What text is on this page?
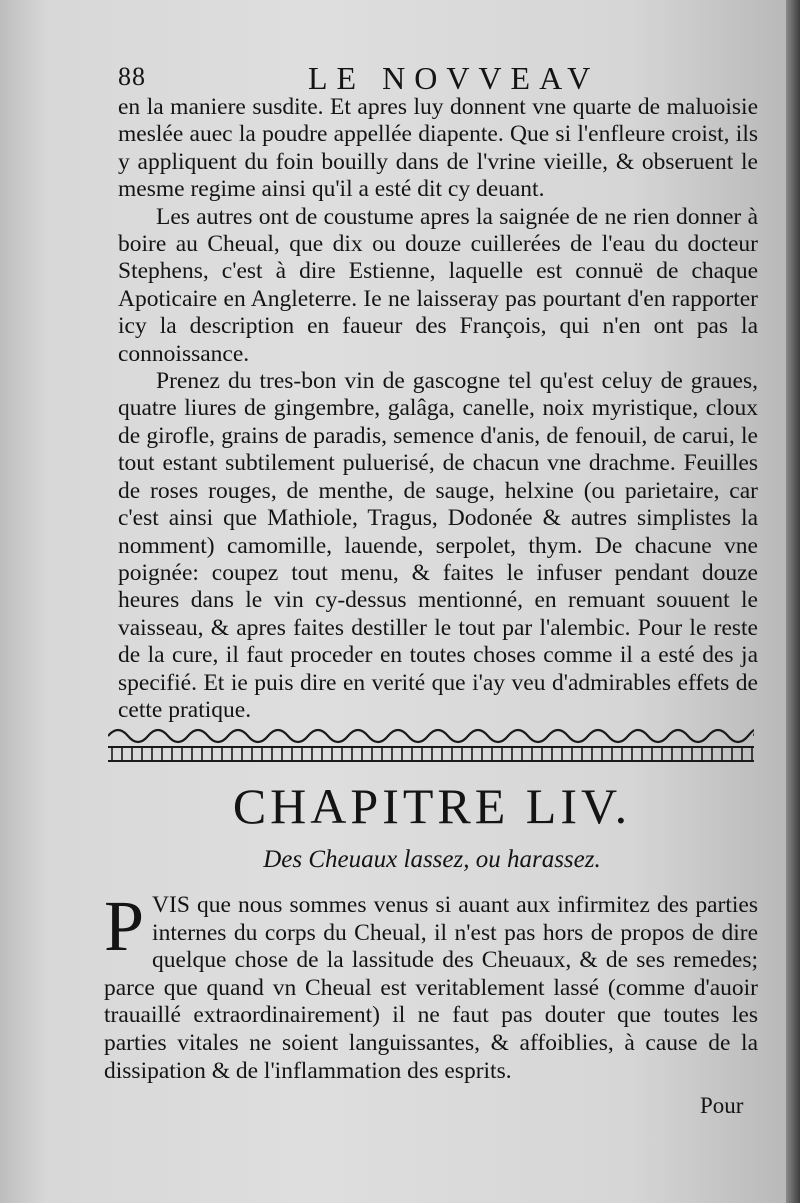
88	LE NOVVEAV

en la maniere susdite. Et apres luy donnent vne quarte de maluoisie meslée auec la poudre appellée diapente. Que si l'enfleure croist, ils y appliquent du foin bouilly dans de l'vrine vieille, & obseruent le mesme regime ainsi qu'il a esté dit cy deuant.

Les autres ont de coustume apres la saignée de ne rien donner à boire au Cheual, que dix ou douze cuillerées de l'eau du docteur Stephens, c'est à dire Estienne, laquelle est connuë de chaque Apoticaire en Angleterre. Ie ne laisseray pas pourtant d'en rapporter icy la description en faueur des François, qui n'en ont pas la connoissance.

Prenez du tres-bon vin de gascogne tel qu'est celuy de graues, quatre liures de gingembre, galâga, canelle, noix myristique, cloux de girofle, grains de paradis, semence d'anis, de fenouil, de carui, le tout estant subtilement puluerisé, de chacun vne drachme. Feuilles de roses rouges, de menthe, de sauge, helxine (ou parietaire, car c'est ainsi que Mathiole, Tragus, Dodonée & autres simplistes la nomment) camomille, lauende, serpolet, thym. De chacune vne poignée: coupez tout menu, & faites le infuser pendant douze heures dans le vin cy-dessus mentionné, en remuant souuent le vaisseau, & apres faites destiller le tout par l'alembic. Pour le reste de la cure, il faut proceder en toutes choses comme il a esté des ja specifié. Et ie puis dire en verité que i'ay veu d'admirables effets de cette pratique.

CHAPITRE LIV.
Des Cheuaux lassez, ou harassez.
P VIS que nous sommes venus si auant aux infirmitez des parties internes du corps du Cheual, il n'est pas hors de propos de dire quelque chose de la lassitude des Cheuaux, & de ses remedes; parce que quand vn Cheual est veritablement lassé (comme d'auoir trauaillé extraordinairement) il ne faut pas douter que toutes les parties vitales ne soient languissantes, & affoiblies, à cause de la dissipation & de l'inflammation des esprits.
Pour
